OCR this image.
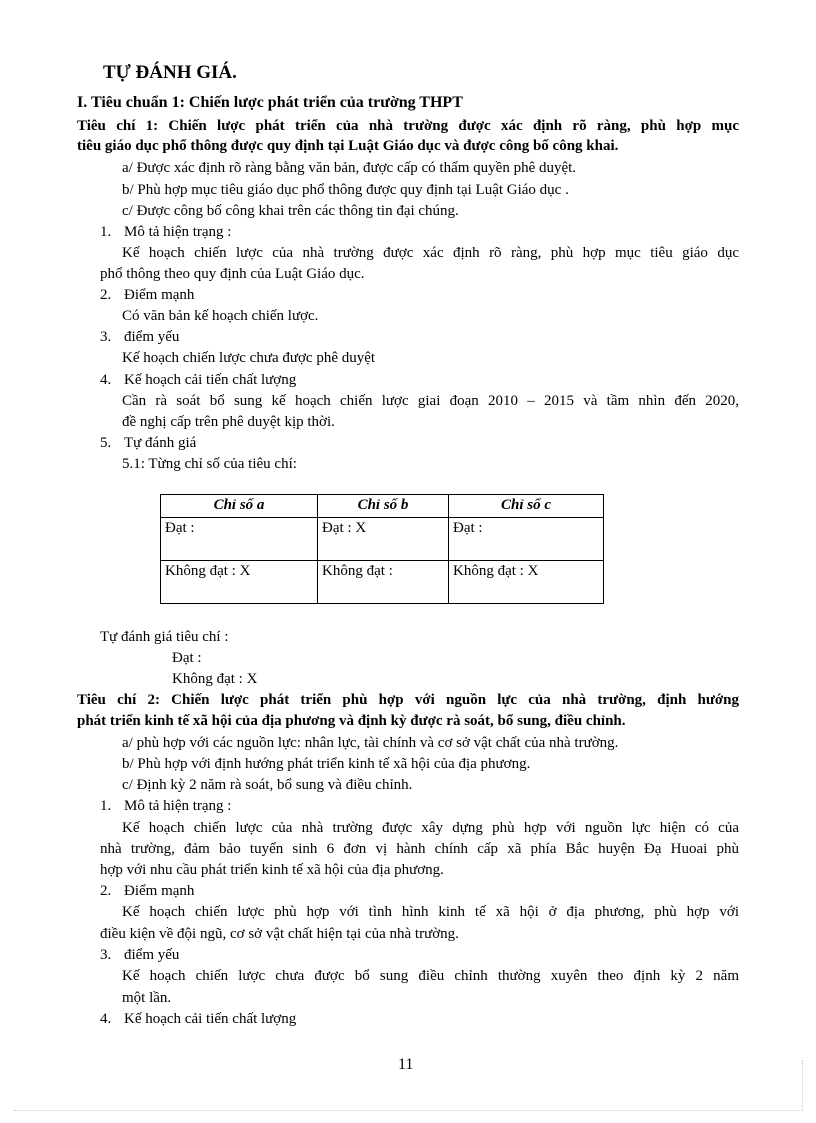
TỰ ĐÁNH GIÁ.
I. Tiêu chuẩn 1: Chiến lược phát triển của trường THPT
Tiêu chí 1: Chiến lược phát triển của nhà trường được xác định rõ ràng, phù hợp mục
tiêu giáo dục phổ thông được quy định tại Luật Giáo dục và được công bố công khai.
a/ Được xác định rõ ràng bằng văn bản, được cấp có thẩm quyền phê duyệt.
b/ Phù hợp mục tiêu giáo dục phổ thông được quy định tại Luật Giáo dục .
c/ Được công bố công khai trên các thông tin đại chúng.
1. Mô tả hiện trạng :
Kế hoạch chiến lược của nhà trường được xác định rõ ràng, phù hợp mục tiêu giáo dục
phổ thông theo quy định của Luật Giáo dục.
2. Điểm mạnh
Có văn bản kế hoạch chiến lược.
3. điểm yếu
Kế hoạch chiến lược chưa được phê duyệt
4. Kế hoạch cải tiến chất lượng
Cần rà soát bổ sung kế hoạch chiến lược giai đoạn 2010 – 2015 và tầm nhìn đến 2020,
đề nghị cấp trên phê duyệt kịp thời.
5. Tự đánh giá
5.1: Từng chỉ số của tiêu chí:
Chỉ số a	Chỉ số b	Chỉ số c
Đạt :	Đạt : X	Đạt :
Không đạt : X	Không đạt :	Không đạt : X
Tự đánh giá tiêu chí :
Đạt :
Không đạt : X
Tiêu chí 2: Chiến lược phát triển phù hợp với nguồn lực của nhà trường, định hướng
phát triển kinh tế xã hội của địa phương và định kỳ được rà soát, bổ sung, điều chỉnh.
a/ phù hợp với các nguồn lực: nhân lực, tài chính và cơ sở vật chất của nhà trường.
b/ Phù hợp với định hướng phát triển kinh tế xã hội của địa phương.
c/ Định kỳ 2 năm rà soát, bổ sung và điều chỉnh.
1. Mô tả hiện trạng :
Kế hoạch chiến lược của nhà trường được xây dựng phù hợp với nguồn lực hiện có của
nhà trường, đảm bảo tuyển sinh 6 đơn vị hành chính cấp xã phía Bắc huyện Đạ Huoai phù
hợp với nhu cầu phát triển kinh tế xã hội của địa phương.
2. Điểm mạnh
Kế hoạch chiến lược phù hợp với tình hình kinh tế xã hội ở địa phương, phù hợp với
điều kiện về đội ngũ, cơ sở vật chất hiện tại của nhà trường.
3. điểm yếu
Kế hoạch chiến lược chưa được bổ sung điều chỉnh thường xuyên theo định kỳ 2 năm
một lần.
4. Kế hoạch cải tiến chất lượng
11
